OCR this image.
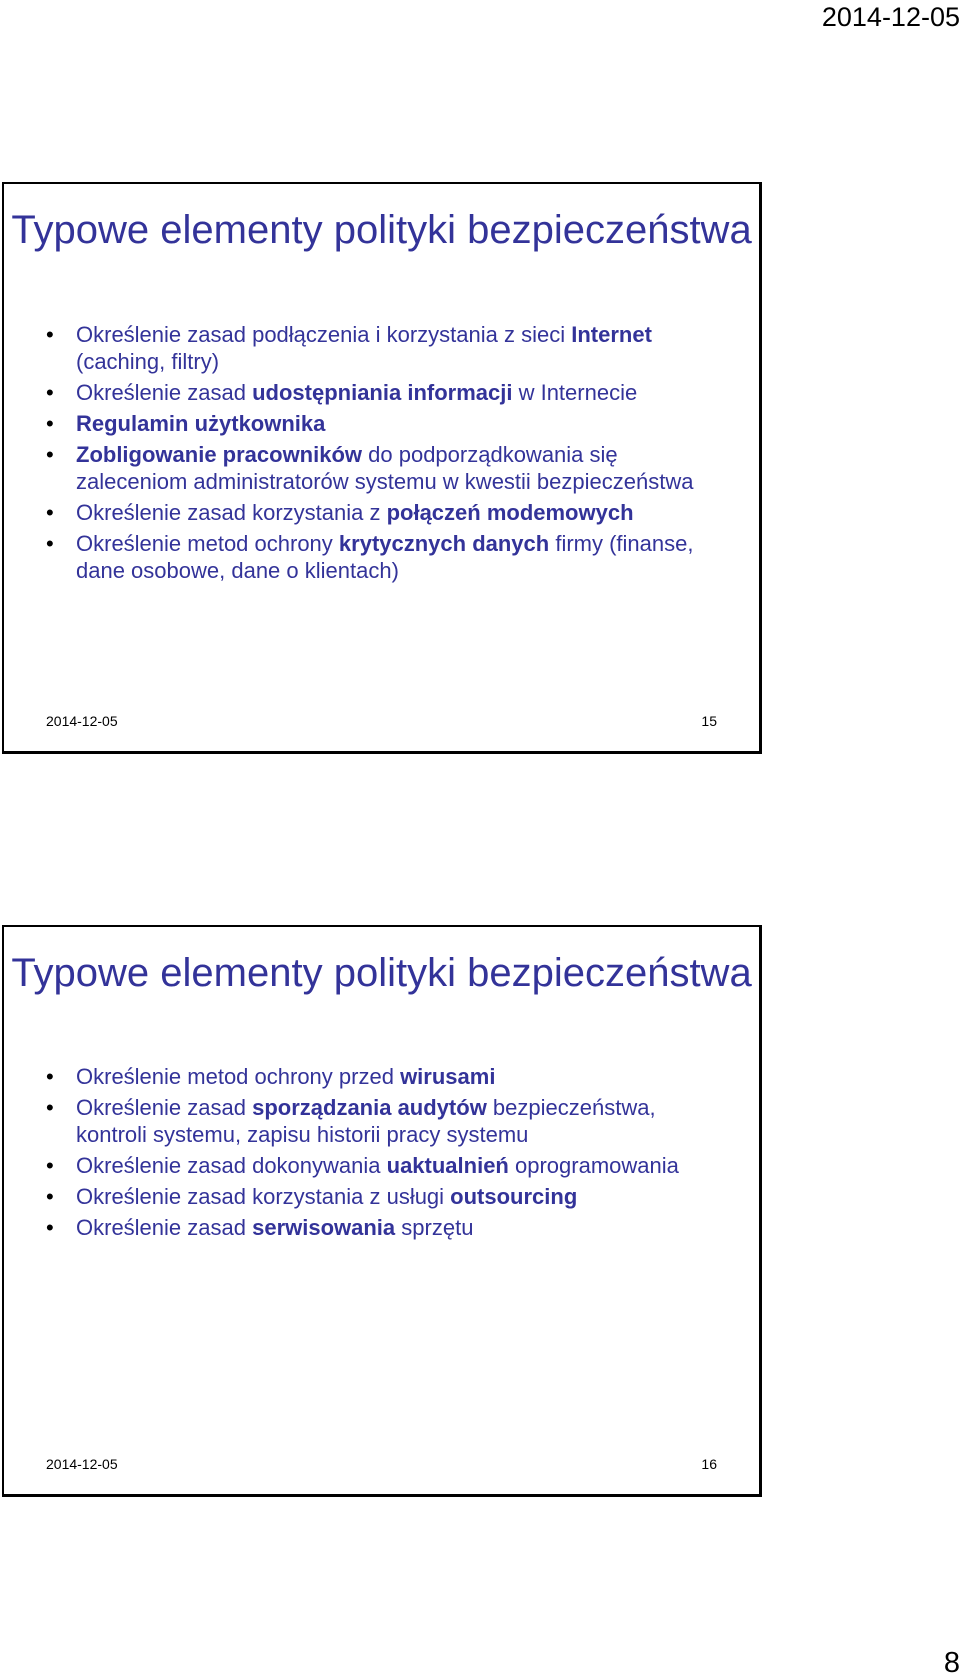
2014-12-05
Typowe elementy polityki bezpieczeństwa
• Określenie zasad podłączenia i korzystania z sieci Internet (caching, filtry)
• Określenie zasad udostępniania informacji w Internecie
• Regulamin użytkownika
• Zobligowanie pracowników do podporządkowania się zaleceniom administratorów systemu w kwestii bezpieczeństwa
• Określenie zasad korzystania z połączeń modemowych
• Określenie metod ochrony krytycznych danych firmy (finanse, dane osobowe, dane o klientach)
2014-12-05	15
Typowe elementy polityki bezpieczeństwa
• Określenie metod ochrony przed wirusami
• Określenie zasad sporządzania audytów bezpieczeństwa, kontroli systemu, zapisu historii pracy systemu
• Określenie zasad dokonywania uaktualnień oprogramowania
• Określenie zasad korzystania z usługi outsourcing
• Określenie zasad serwisowania sprzętu
2014-12-05	16
8
